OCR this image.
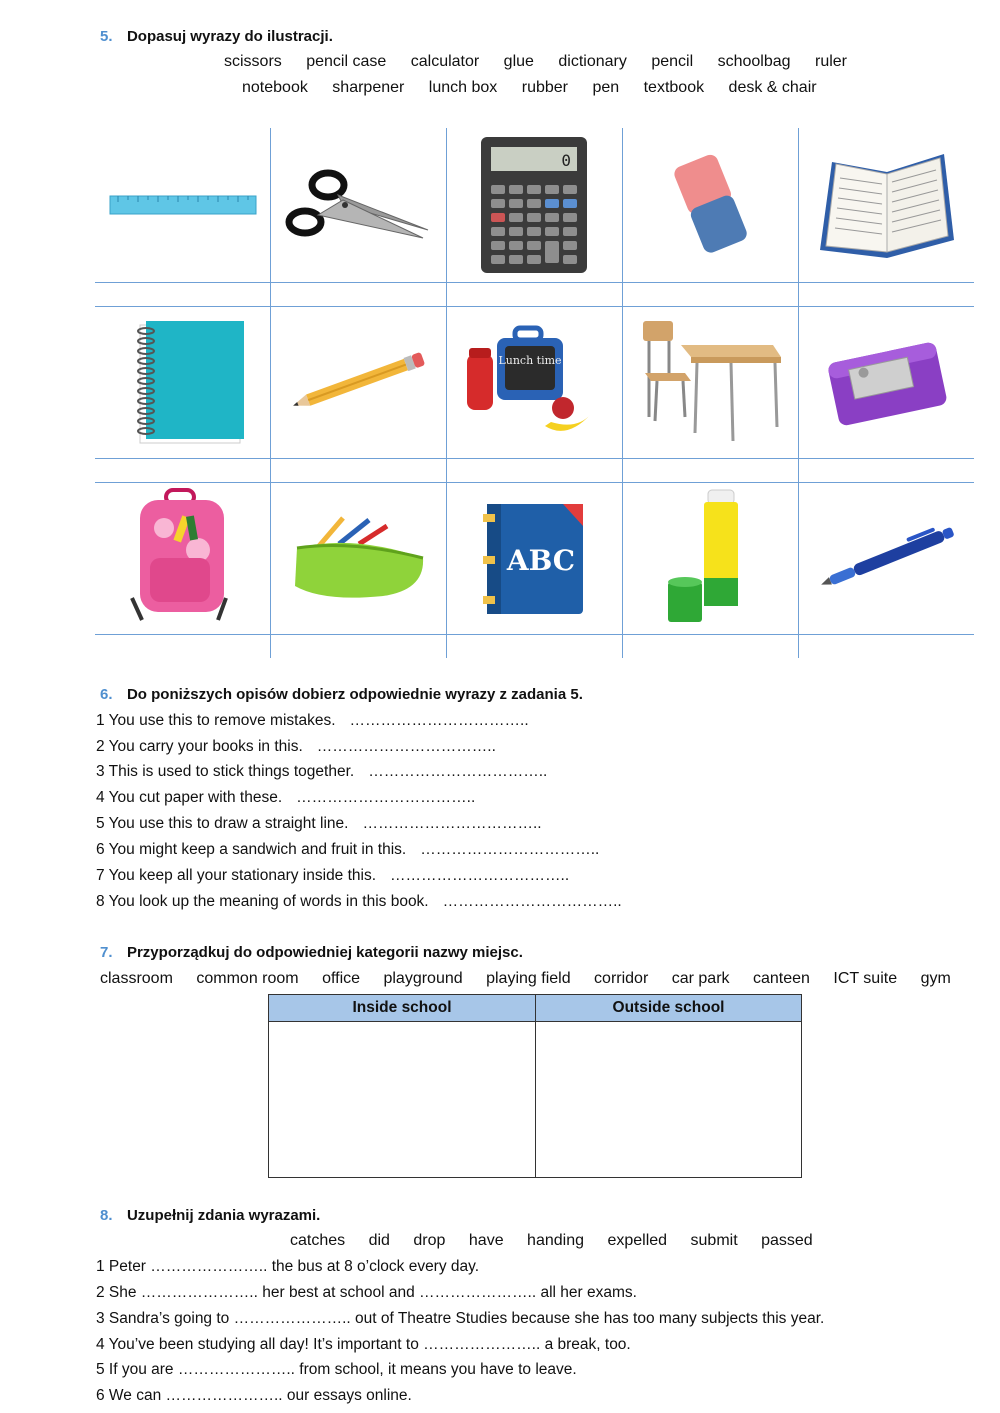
5. Dopasuj wyrazy do ilustracji.
scissors pencil case calculator glue dictionary pencil schoolbag ruler
notebook sharpener lunch box rubber pen textbook desk & chair
0
Lunch time
ABC
6. Do poniższych opisów dobierz odpowiednie wyrazy z zadania 5.
1 You use this to remove mistakes. ……………………………..
2 You carry your books in this. ……………………………..
3 This is used to stick things together. ……………………………..
4 You cut paper with these. ……………………………..
5 You use this to draw a straight line. ……………………………..
6 You might keep a sandwich and fruit in this. ……………………………..
7 You keep all your stationary inside this. ……………………………..
8 You look up the meaning of words in this book. ……………………………..
7. Przyporządkuj do odpowiedniej kategorii nazwy miejsc.
classroom common room office playground playing field corridor car park canteen ICT suite gym
Inside school	Outside school
8. Uzupełnij zdania wyrazami.
catches did drop have handing expelled submit passed
1 Peter ………………….. the bus at 8 o’clock every day.
2 She ………………….. her best at school and ………………….. all her exams.
3 Sandra’s going to ………………….. out of Theatre Studies because she has too many subjects this year.
4 You’ve been studying all day! It’s important to ………………….. a break, too.
5 If you are ………………….. from school, it means you have to leave.
6 We can ………………….. our essays online.
